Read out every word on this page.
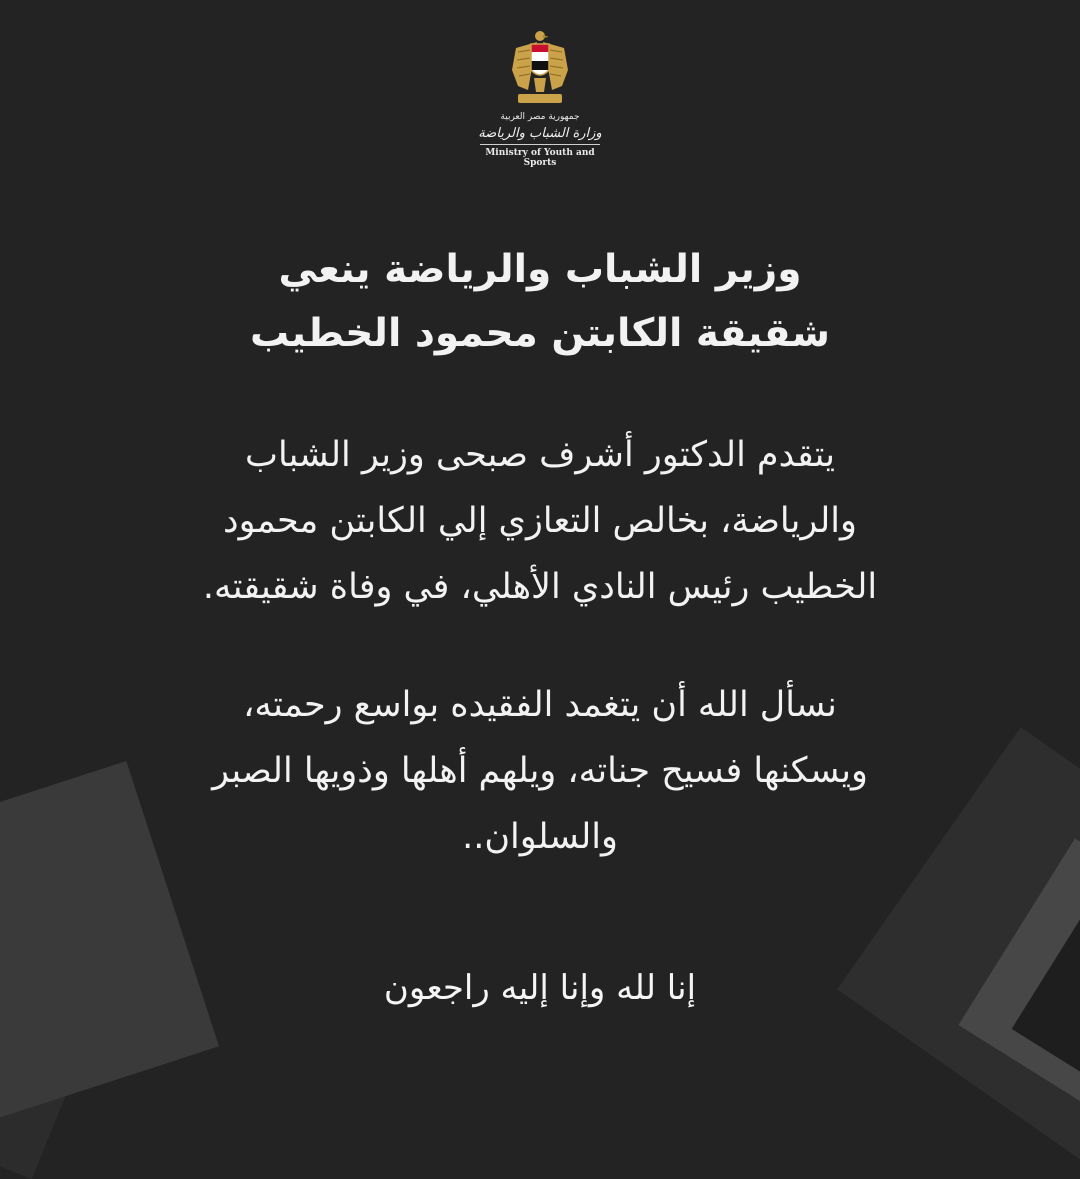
جمهورية مصر العربية
وزارة الشباب والرياضة
Ministry of Youth and Sports
وزير الشباب والرياضة ينعي
شقيقة الكابتن محمود الخطيب
يتقدم الدكتور أشرف صبحى وزير الشباب
والرياضة، بخالص التعازي إلي الكابتن محمود
الخطيب رئيس النادي الأهلي، في وفاة شقيقته.
نسأل الله أن يتغمد الفقيده بواسع رحمته،
ويسكنها فسيح جناته، ويلهم أهلها وذويها الصبر
والسلوان..
إنا لله وإنا إليه راجعون
